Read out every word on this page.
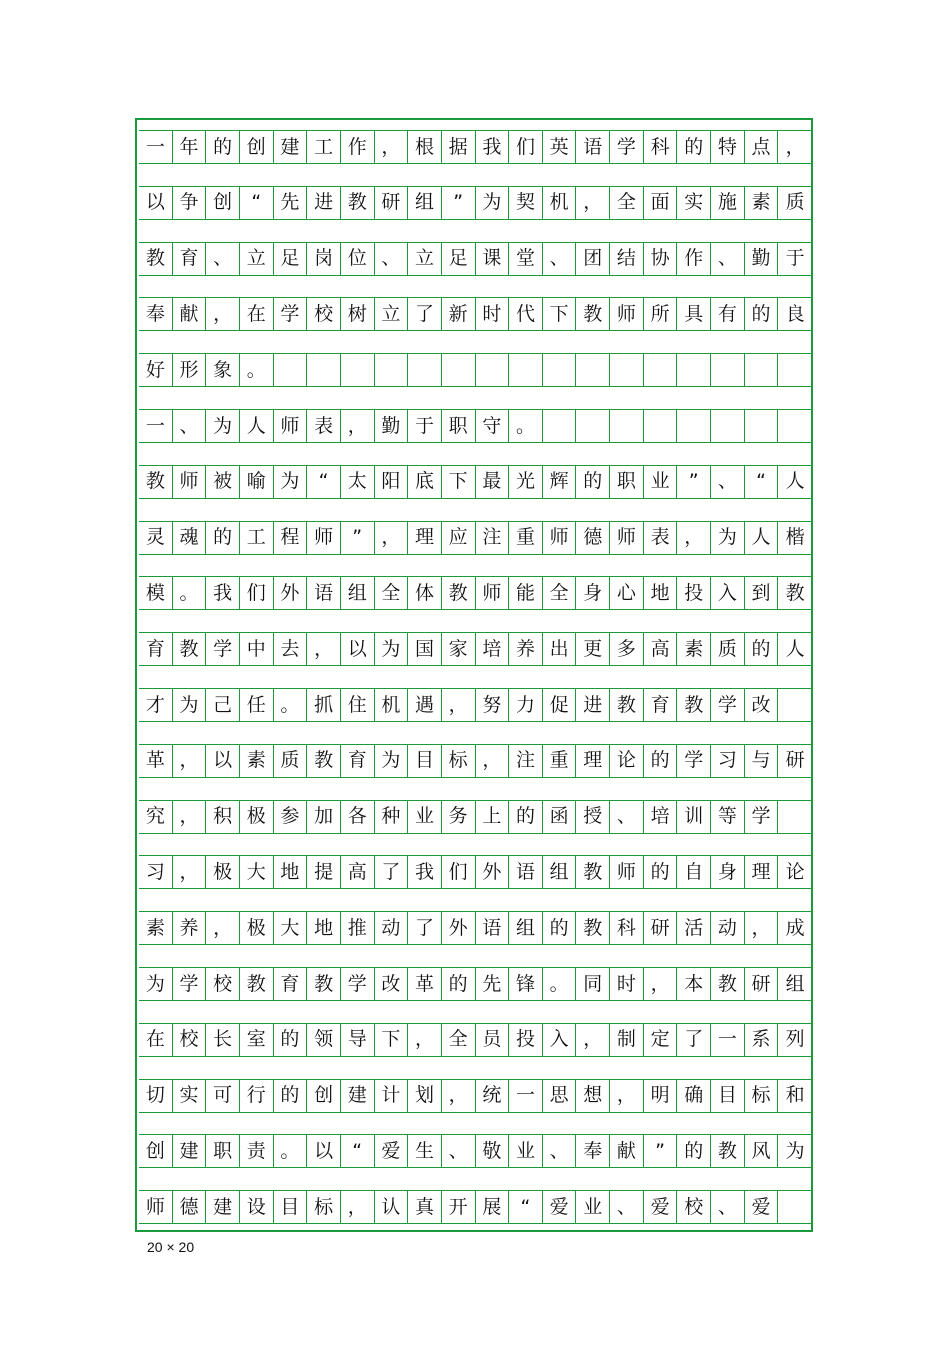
一 年 的 创 建 工 作 ， 根 据 我 们 英 语 学 科 的 特 点 ，
以 争 创	“	先 进 教 研 组	”	为 契 机 ， 全 面 实 施 素 质
教 育 、 立 足 岗 位 、 立 足 课 堂 、 团 结 协 作 、 勤 于
奉 献 ， 在 学 校 树 立 了 新 时 代 下 教 师 所 具 有 的 良
好 形 象 。
一 、 为 人 师 表 ， 勤 于 职 守 。
教 师 被 喻 为	“	太 阳 底 下 最 光 辉 的 职 业	”	、	“	人
灵 魂 的 工 程 师	”	， 理 应 注 重 师 德 师 表 ， 为 人 楷
模 。 我 们 外 语 组 全 体 教 师 能 全 身 心 地 投 入 到 教
育 教 学 中 去 ， 以 为 国 家 培 养 出 更 多 高 素 质 的 人
才 为 己 任 。 抓 住 机 遇 ， 努 力 促 进 教 育 教 学 改
革 ， 以 素 质 教 育 为 目 标 ， 注 重 理 论 的 学 习 与 研
究 ， 积 极 参 加 各 种 业 务 上 的 函 授 、 培 训 等 学
习 ， 极 大 地 提 高 了 我 们 外 语 组 教 师 的 自 身 理 论
素 养 ， 极 大 地 推 动 了 外 语 组 的 教 科 研 活 动 ， 成
为 学 校 教 育 教 学 改 革 的 先 锋 。 同 时 ， 本 教 研 组
在 校 长 室 的 领 导 下 ， 全 员 投 入 ， 制 定 了 一 系 列
切 实 可 行 的 创 建 计 划 ， 统 一 思 想 ， 明 确 目 标 和
创 建 职 责 。 以	“	爱 生 、 敬 业 、 奉 献	”	的 教 风 为
师 德 建 设 目 标 ， 认 真 开 展	“	爱 业 、 爱 校 、 爱
20 × 20
